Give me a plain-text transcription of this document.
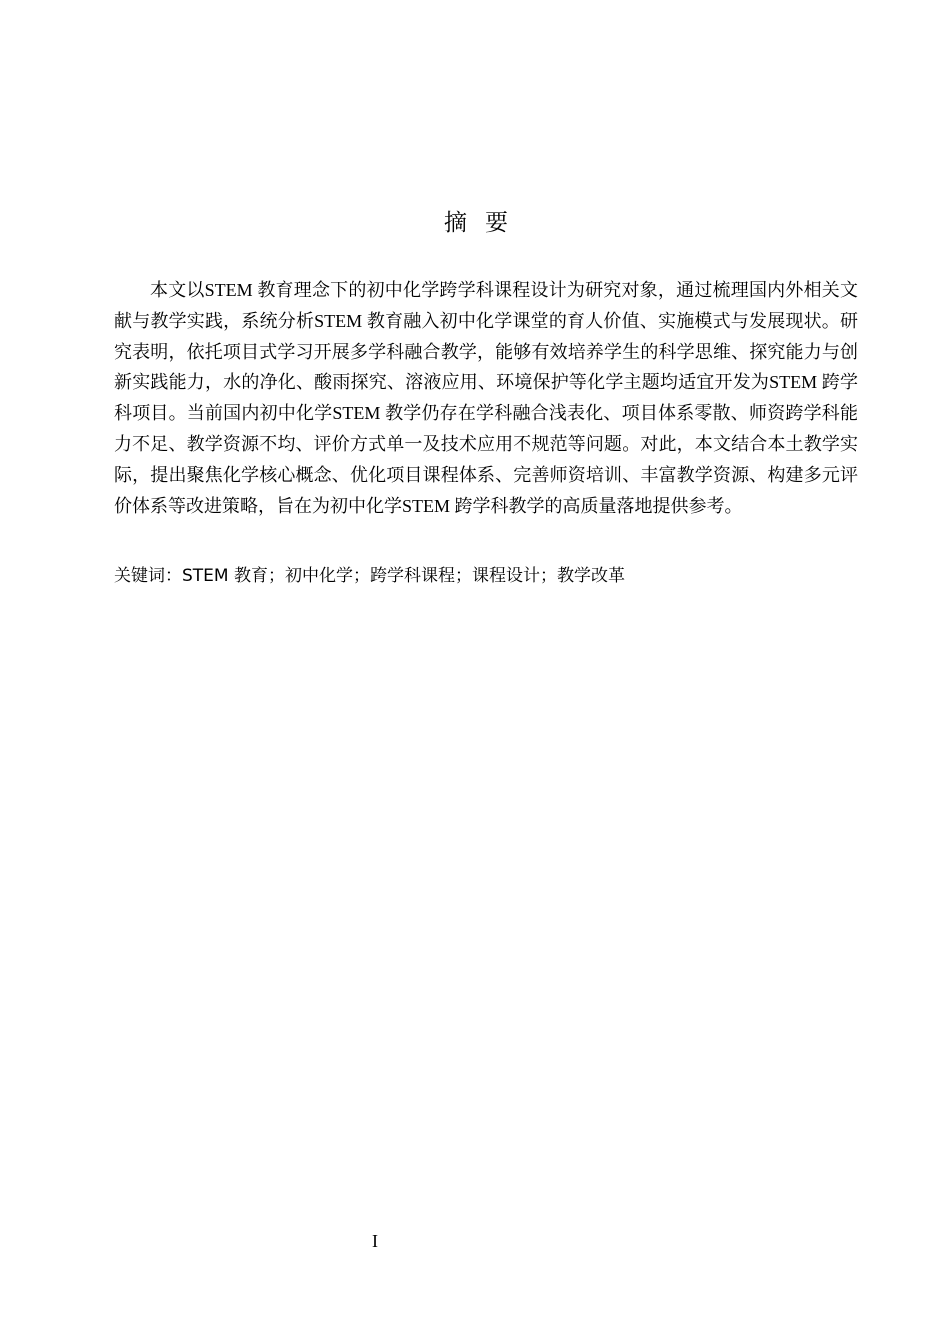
摘要

本文以STEM 教育理念下的初中化学跨学科课程设计为研究对象，通过梳理国内外相关文献与教学实践，系统分析STEM 教育融入初中化学课堂的育人价值、实施模式与发展现状。研究表明，依托项目式学习开展多学科融合教学，能够有效培养学生的科学思维、探究能力与创新实践能力，水的净化、酸雨探究、溶液应用、环境保护等化学主题均适宜开发为STEM 跨学科项目。当前国内初中化学STEM 教学仍存在学科融合浅表化、项目体系零散、师资跨学科能力不足、教学资源不均、评价方式单一及技术应用不规范等问题。对此，本文结合本土教学实际，提出聚焦化学核心概念、优化项目课程体系、完善师资培训、丰富教学资源、构建多元评价体系等改进策略，旨在为初中化学STEM 跨学科教学的高质量落地提供参考。

关键词：STEM 教育；初中化学；跨学科课程；课程设计；教学改革
I
